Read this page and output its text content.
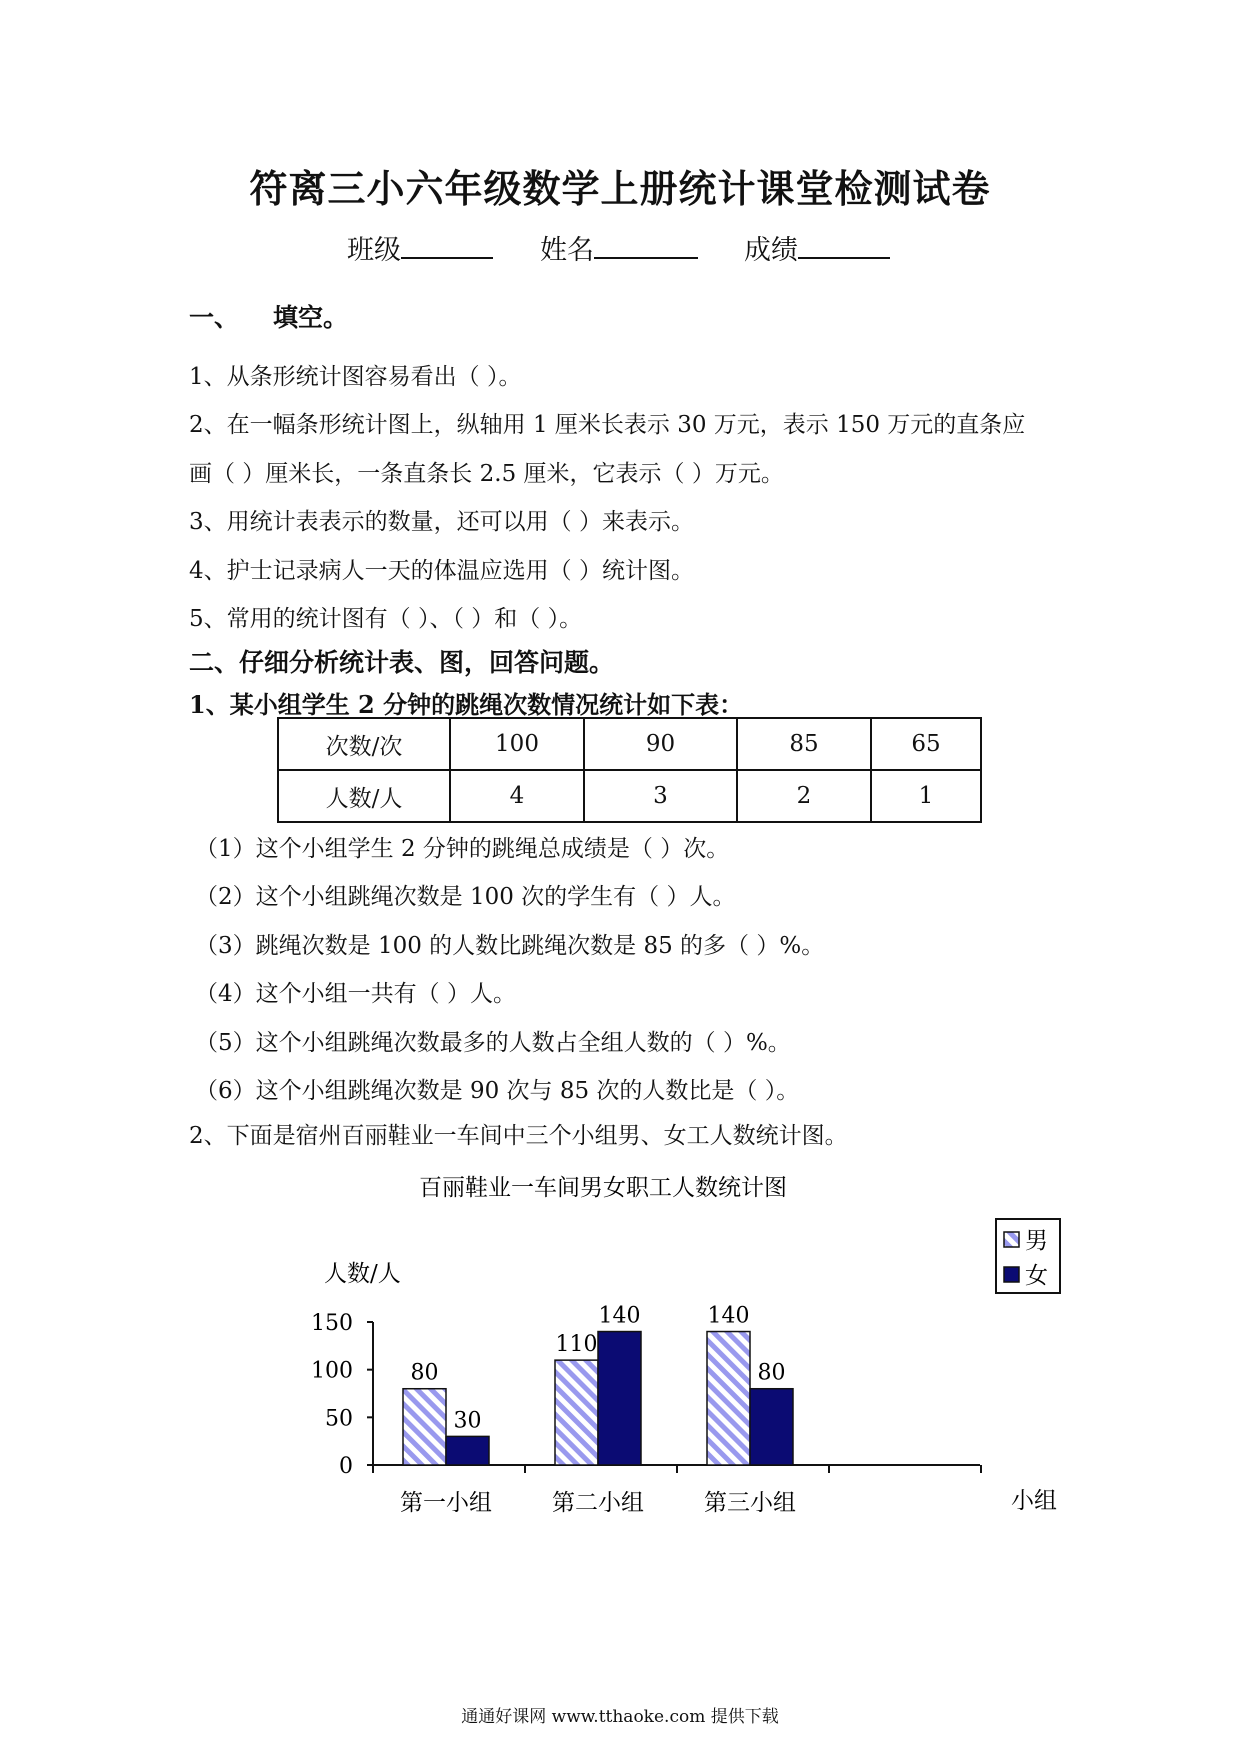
符离三小六年级数学上册统计课堂检测试卷
班级	姓名	成绩
一、 填空。
1、从条形统计图容易看出（ ）。
2、在一幅条形统计图上，纵轴用 1 厘米长表示 30 万元，表示 150 万元的直条应
画（ ）厘米长，一条直条长 2.5 厘米，它表示（ ）万元。
3、用统计表表示的数量，还可以用（ ）来表示。
4、护士记录病人一天的体温应选用（ ）统计图。
5、常用的统计图有（ ）、（ ）和（ ）。
二、仔细分析统计表、图，回答问题。
1、某小组学生 2 分钟的跳绳次数情况统计如下表：
次数/次	100	90	85	65
人数/人	4	3	2	1
（1）这个小组学生 2 分钟的跳绳总成绩是（ ）次。
（2）这个小组跳绳次数是 100 次的学生有（ ）人。
（3）跳绳次数是 100 的人数比跳绳次数是 85 的多（ ）%。
（4）这个小组一共有（ ）人。
（5）这个小组跳绳次数最多的人数占全组人数的（ ）%。
（6）这个小组跳绳次数是 90 次与 85 次的人数比是（ ）。
2、下面是宿州百丽鞋业一车间中三个小组男、女工人数统计图。
百丽鞋业一车间男女职工人数统计图
人数/人
小组
0
50
100
150
80
30
第一小组
110
140
第二小组
140
80
第三小组
男
女
通通好课网 www.tthaoke.com 提供下载
